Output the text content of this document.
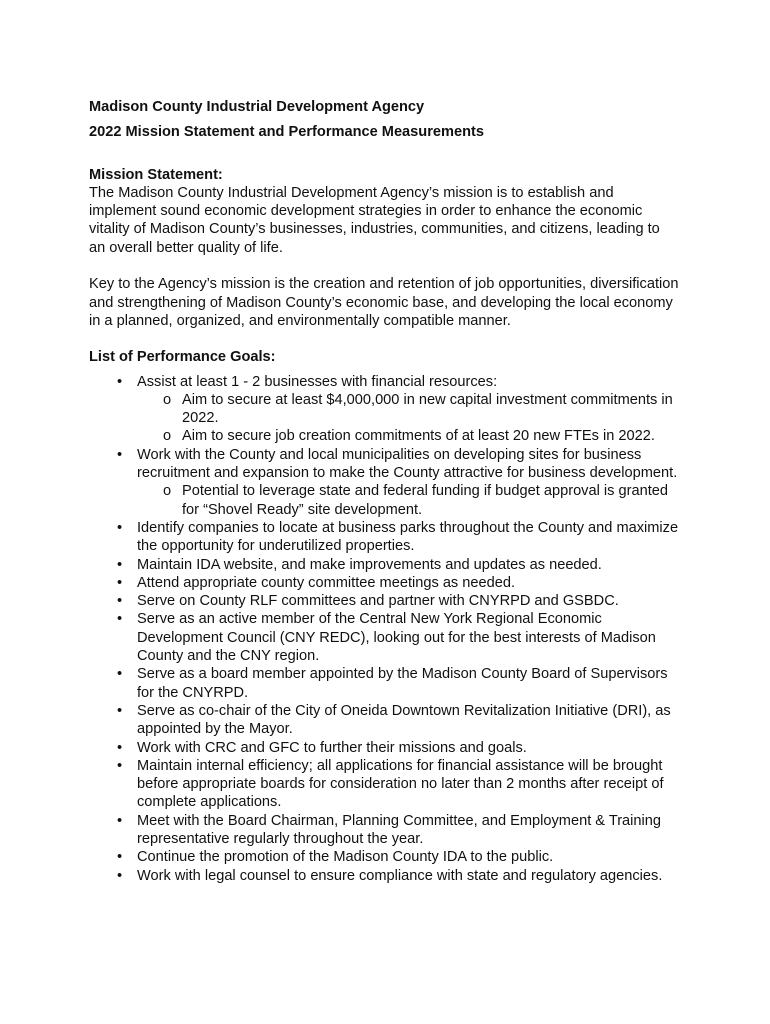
Madison County Industrial Development Agency

2022 Mission Statement and Performance Measurements

Mission Statement:

The Madison County Industrial Development Agency’s mission is to establish and implement sound economic development strategies in order to enhance the economic vitality of Madison County’s businesses, industries, communities, and citizens, leading to an overall better quality of life.

Key to the Agency’s mission is the creation and retention of job opportunities, diversification and strengthening of Madison County’s economic base, and developing the local economy in a planned, organized, and environmentally compatible manner.

List of Performance Goals:

• Assist at least 1 - 2 businesses with financial resources:
o Aim to secure at least $4,000,000 in new capital investment commitments in 2022.
o Aim to secure job creation commitments of at least 20 new FTEs in 2022.
• Work with the County and local municipalities on developing sites for business recruitment and expansion to make the County attractive for business development.
o Potential to leverage state and federal funding if budget approval is granted for “Shovel Ready” site development.
• Identify companies to locate at business parks throughout the County and maximize the opportunity for underutilized properties.
• Maintain IDA website, and make improvements and updates as needed.
• Attend appropriate county committee meetings as needed.
• Serve on County RLF committees and partner with CNYRPD and GSBDC.
• Serve as an active member of the Central New York Regional Economic Development Council (CNY REDC), looking out for the best interests of Madison County and the CNY region.
• Serve as a board member appointed by the Madison County Board of Supervisors for the CNYRPD.
• Serve as co-chair of the City of Oneida Downtown Revitalization Initiative (DRI), as appointed by the Mayor.
• Work with CRC and GFC to further their missions and goals.
• Maintain internal efficiency; all applications for financial assistance will be brought before appropriate boards for consideration no later than 2 months after receipt of complete applications.
• Meet with the Board Chairman, Planning Committee, and Employment & Training representative regularly throughout the year.
• Continue the promotion of the Madison County IDA to the public.
• Work with legal counsel to ensure compliance with state and regulatory agencies.
